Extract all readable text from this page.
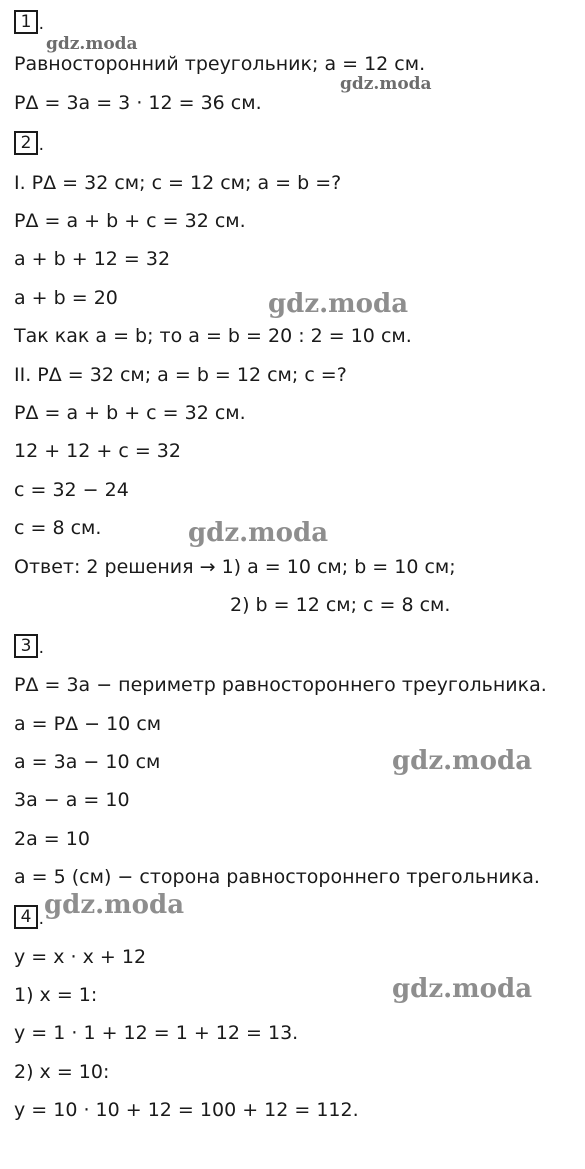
1 .
gdz.moda
Равносторонний треугольник; a = 12 см.
gdz.moda
PΔ = 3a = 3 · 12 = 36 см.
2 .
I. PΔ = 32 см; c = 12 см; a = b =?
PΔ = a + b + c = 32 см.
a + b + 12 = 32
a + b = 20	gdz.moda
Так как a = b; то a = b = 20 : 2 = 10 см.
II. PΔ = 32 см; a = b = 12 см; c =?
PΔ = a + b + c = 32 см.
12 + 12 + c = 32
c = 32 − 24
c = 8 см.	gdz.moda
Ответ: 2 решения → 1) a = 10 см; b = 10 см;
2) b = 12 см; c = 8 см.
3 .
PΔ = 3a − периметр равностороннего треугольника.
a = PΔ − 10 см
a = 3a − 10 см	gdz.moda
3a − a = 10
2a = 10
a = 5 (см) − сторона равностороннего трегольника.
4 . gdz.moda
y = x · x + 12
1) x = 1:	gdz.moda
y = 1 · 1 + 12 = 1 + 12 = 13.
2) x = 10:
y = 10 · 10 + 12 = 100 + 12 = 112.
